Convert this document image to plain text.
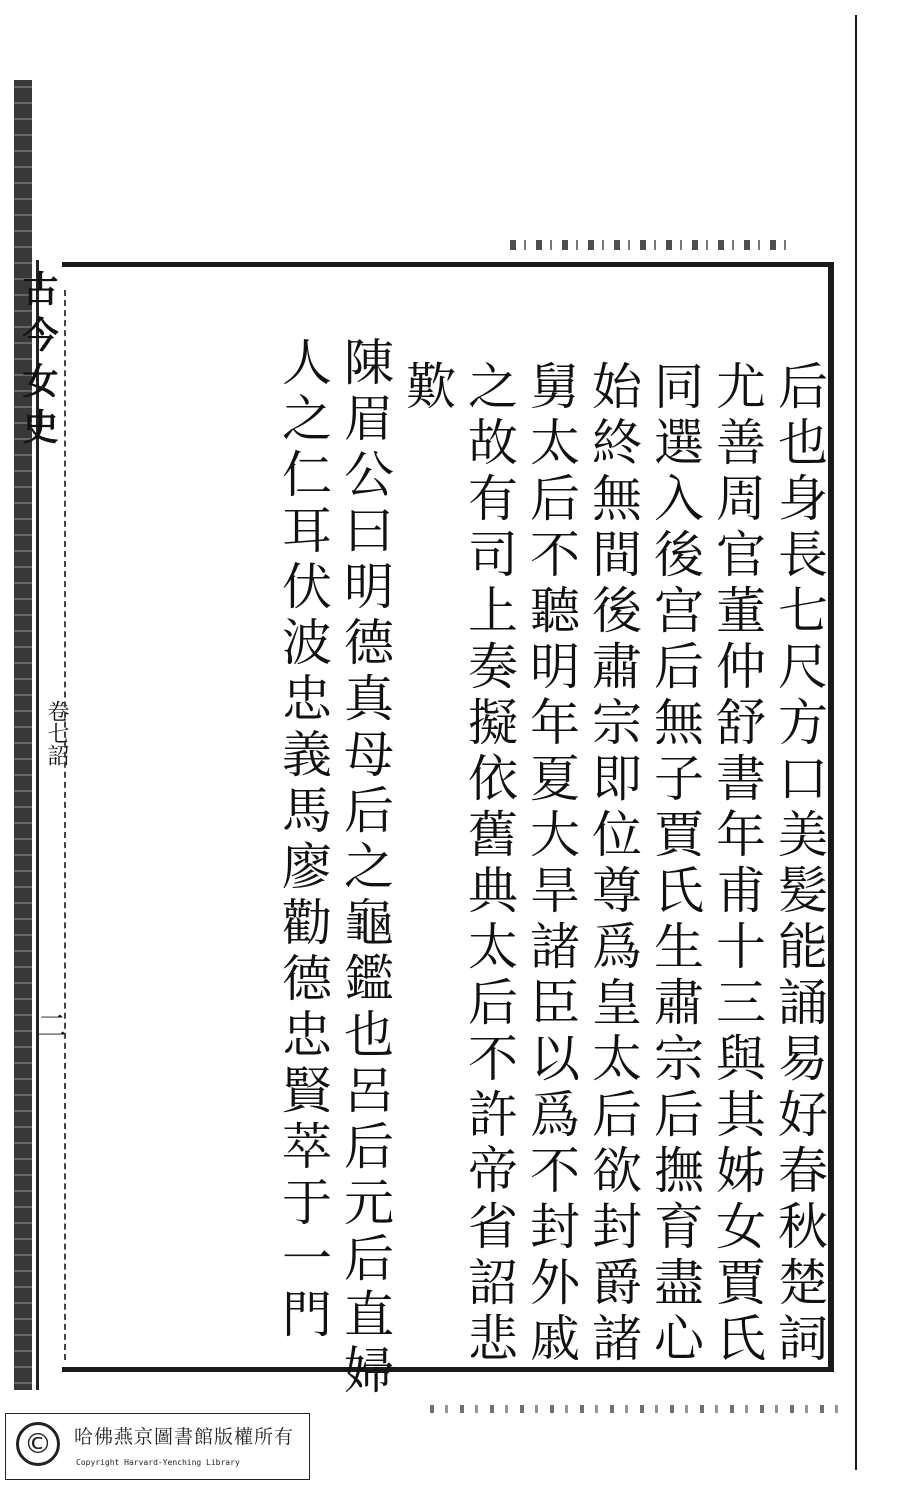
古今女史
卷七詔
二	后也身長七尺方口美髪能誦易好春秋楚詞
尤善周官董仲舒書年甫十三與其姊女賈氏
同選入後宫后無子賈氏生肅宗后撫育盡心
始終無間後肅宗即位尊爲皇太后欲封爵諸
舅太后不聽明年夏大旱諸臣以爲不封外戚
之故有司上奏擬依舊典太后不許帝省詔悲
歎
陳眉公曰明德真母后之龜鑑也呂后元后直婦
人之仁耳伏波忠義馬廖勸德忠賢萃于一門
©	哈佛燕京圖書館版權所有
Copyright Harvard-Yenching Library
